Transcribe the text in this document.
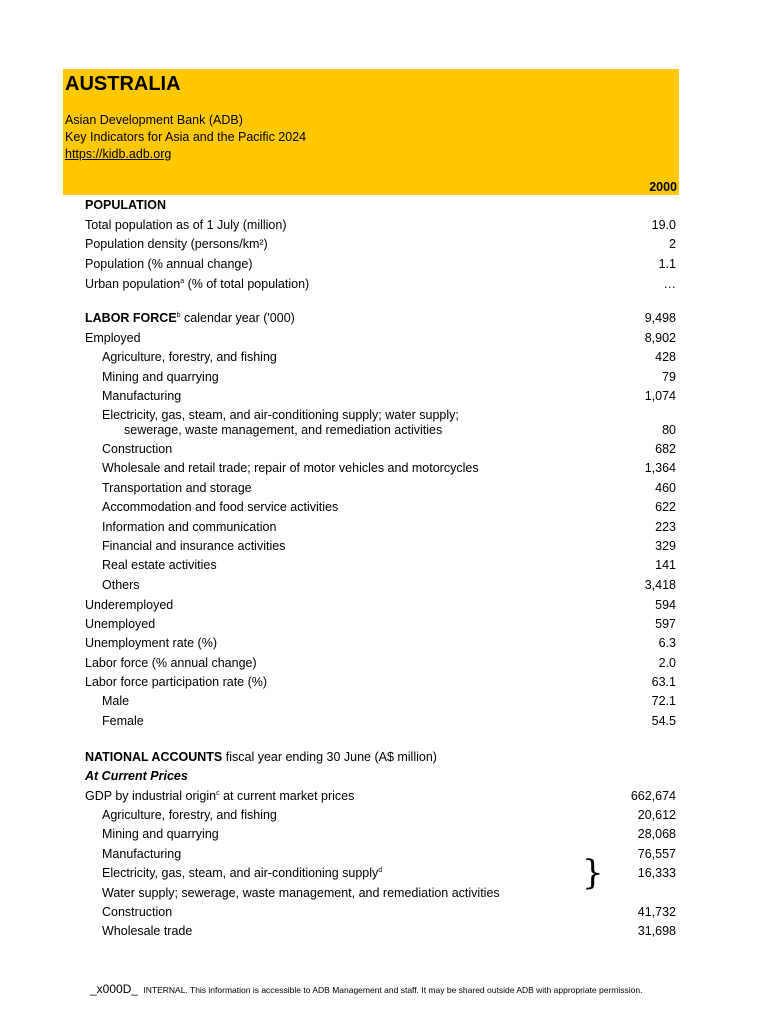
AUSTRALIA
Asian Development Bank (ADB)
Key Indicators for Asia and the Pacific 2024
https://kidb.adb.org
2000
POPULATION
Total population as of 1 July (million)	19.0
Population density (persons/km²)	2
Population (% annual change)	1.1
Urban population$^a$ (% of total population)	…
LABOR FORCE$^b$ calendar year ('000)	9,498
Employed	8,902
Agriculture, forestry, and fishing	428
Mining and quarrying	79
Manufacturing	1,074
Electricity, gas, steam, and air-conditioning supply; water supply;
sewerage, waste management, and remediation activities	80
Construction	682
Wholesale and retail trade; repair of motor vehicles and motorcycles	1,364
Transportation and storage	460
Accommodation and food service activities	622
Information and communication	223
Financial and insurance activities	329
Real estate activities	141
Others	3,418
Underemployed	594
Unemployed	597
Unemployment rate (%)	6.3
Labor force (% annual change)	2.0
Labor force participation rate (%)	63.1
Male	72.1
Female	54.5
NATIONAL ACCOUNTS fiscal year ending 30 June (A$ million)
At Current Prices
GDP by industrial origin$^c$ at current market prices	662,674
Agriculture, forestry, and fishing	20,612
Mining and quarrying	28,068
Manufacturing	76,557
Electricity, gas, steam, and air-conditioning supply$^d$	16,333
Water supply; sewerage, waste management, and remediation activities
Construction	41,732
Wholesale trade	31,698
}
_x000D_ INTERNAL. This information is accessible to ADB Management and staff. It may be shared outside ADB with appropriate permission.
